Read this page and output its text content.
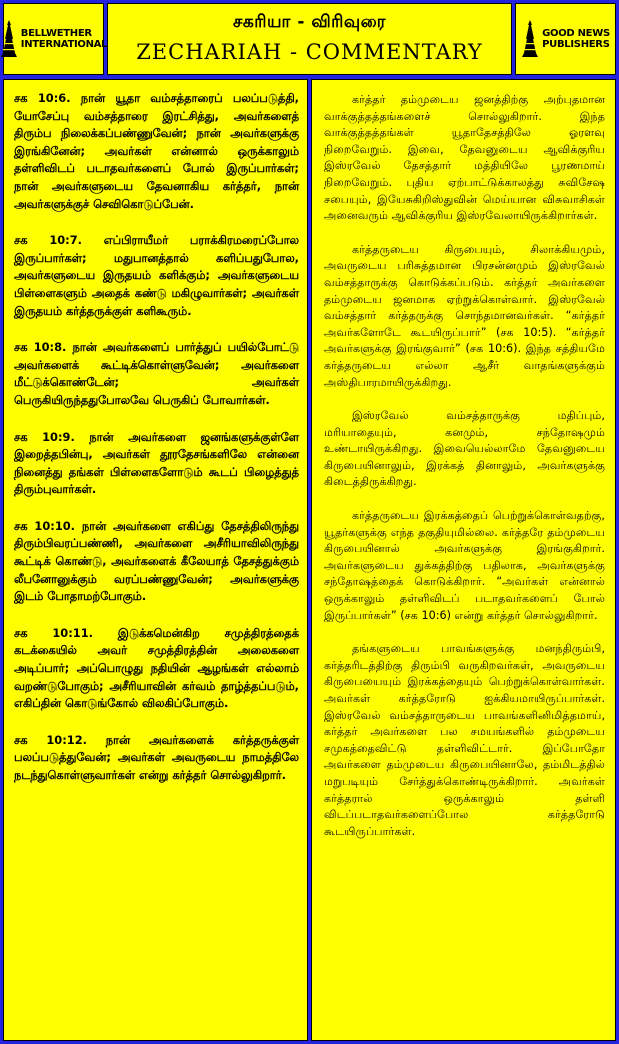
BELLWETHER
INTERNATIONAL
சகரியா - விரிவுரை
ZECHARIAH - COMMENTARY
GOOD NEWS
PUBLISHERS

சக 10:6. நான் யூதா வம்சத்தாரைப் பலப்படுத்தி, யோசேப்பு வம்சத்தாரை இரட்சித்து, அவர்களைத் திரும்ப நிலைக்கப்பண்ணுவேன்; நான் அவர்களுக்கு இரங்கினேன்; அவர்கள் என்னால் ஒருக்காலும் தள்ளிவிடப் படாதவர்களைப் போல் இருப்பார்கள்; நான் அவர்களுடைய தேவனாகிய கர்த்தர், நான் அவர்களுக்குச் செவிகொடுப்பேன்.

சக 10:7. எப்பிராயீமர் பராக்கிரமரைப்போல இருப்பார்கள்; மதுபானத்தால் களிப்பதுபோல, அவர்களுடைய இருதயம் களிக்கும்; அவர்களுடைய பிள்ளைகளும் அதைக் கண்டு மகிழுவார்கள்; அவர்கள் இருதயம் கர்த்தருக்குள் களிகூரும்.

சக 10:8. நான் அவர்களைப் பார்த்துப் பயில்போட்டு அவர்களைக் கூட்டிக்கொள்ளுவேன்; அவர்களை மீட்டுக்கொண்டேன்; அவர்கள் பெருகியிருந்ததுபோலவே பெருகிப் போவார்கள்.

சக 10:9. நான் அவர்களை ஜனங்களுக்குள்ளே இறைத்தபின்பு, அவர்கள் தூரதேசங்களிலே என்னை நினைத்து தங்கள் பிள்ளைகளோடும் கூடப் பிழைத்துத் திரும்புவார்கள்.

சக 10:10. நான் அவர்களை எகிப்து தேசத்திலிருந்து திரும்பிவரப்பண்ணி, அவர்களை அசீரியாவிலிருந்து கூட்டிக் கொண்டு, அவர்களைக் கீலேயாத் தேசத்துக்கும் லீபனோனுக்கும் வரப்பண்ணுவேன்; அவர்களுக்கு இடம் போதாமற்போகும்.

சக 10:11. இடுக்கமென்கிற சமுத்திரத்தைக் கடக்கையில் அவர் சமுத்திரத்தின் அலைகளை அடிப்பார்; அப்பொழுது நதியின் ஆழங்கள் எல்லாம் வறண்டுபோகும்; அசீரியாவின் கர்வம் தாழ்த்தப்படும், எகிப்தின் கொடுங்கோல் விலகிப்போகும்.

சக 10:12. நான் அவர்களைக் கர்த்தருக்குள் பலப்படுத்துவேன்; அவர்கள் அவருடைய நாமத்திலே நடந்துகொள்ளுவார்கள் என்று கர்த்தர் சொல்லுகிறார்.

கர்த்தர் தம்முடைய ஜனத்திற்கு அற்புதமான வாக்குத்தத்தங்களைச் சொல்லுகிறார். இந்த வாக்குத்தத்தங்கள் யூதாதேசத்திலே ஓரளவு நிறைவேறும். இவை, தேவனுடைய ஆவிக்குரிய இஸ்ரவேல் தேசத்தார் மத்தியிலே பூரணமாய் நிறைவேறும். புதிய ஏற்பாட்டுக்காலத்து சுவிசேஷ சபையும், இயேசுகிறிஸ்துவின் மெய்யான விசுவாசிகள் அனைவரும் ஆவிக்குரிய இஸ்ரவேலாயிருக்கிறார்கள்.

கர்த்தருடைய கிருபையும், சிலாக்கியமும், அவருடைய பரிசுத்தமான பிரசன்னமும் இஸ்ரவேல் வம்சத்தாருக்கு கொடுக்கப்படும். கர்த்தர் அவர்களை தம்முடைய ஜனமாக ஏற்றுக்கொள்வார். இஸ்ரவேல் வம்சத்தார் கர்த்தருக்கு சொந்தமானவர்கள். “கர்த்தர் அவர்களோடே கூடயிருப்பார்” (சக 10:5). “கர்த்தர் அவர்களுக்கு இரங்குவார்” (சக 10:6). இந்த சத்தியமே கர்த்தருடைய எல்லா ஆசீர் வாதங்களுக்கும் அஸ்திபாரமாயிருக்கிறது.

இஸ்ரவேல் வம்சத்தாருக்கு மதிப்பும், மரியாதையும், கனமும், சந்தோஷமும் உண்டாயிருக்கிறது. இவையெல்லாமே தேவனுடைய கிருபையினாலும், இரக்கத் தினாலும், அவர்களுக்கு கிடைத்திருக்கிறது.

கர்த்தருடைய இரக்கத்தைப் பெற்றுக்கொள்வதற்கு, யூதர்களுக்கு எந்த தகுதியுமில்லை. கர்த்தரே தம்முடைய கிருபையினால் அவர்களுக்கு இரங்குகிறார். அவர்களுடைய துக்கத்திற்கு பதிலாக, அவர்களுக்கு சந்தோஷத்தைக் கொடுக்கிறார். “அவர்கள் என்னால் ஒருக்காலும் தள்ளிவிடப் படாதவர்களைப் போல் இருப்பார்கள்” (சக 10:6) என்று கர்த்தர் சொல்லுகிறார்.

தங்களுடைய பாவங்களுக்கு மனந்திரும்பி, கர்த்தரிடத்திற்கு திரும்பி வருகிறவர்கள், அவருடைய கிருபையையும் இரக்கத்தையும் பெற்றுக்கொள்வார்கள். அவர்கள் கர்த்தரோடு ஐக்கியமாயிருப்பார்கள். இஸ்ரவேல் வம்சத்தாருடைய பாவங்களினிமித்தமாய், கர்த்தர் அவர்களை பல சமயங்களில் தம்முடைய சமுகத்தைவிட்டு தள்ளிவிட்டார். இப்போதோ அவர்களை தம்முடைய கிருபையினாலே, தம்மிடத்தில் மறுபடியும் சேர்த்துக்கொண்டிருக்கிறார். அவர்கள் கர்த்தரால் ஒருக்காலும் தள்ளி விடப்படாதவர்களைப்போல கர்த்தரோடு கூடயிருப்பார்கள்.
